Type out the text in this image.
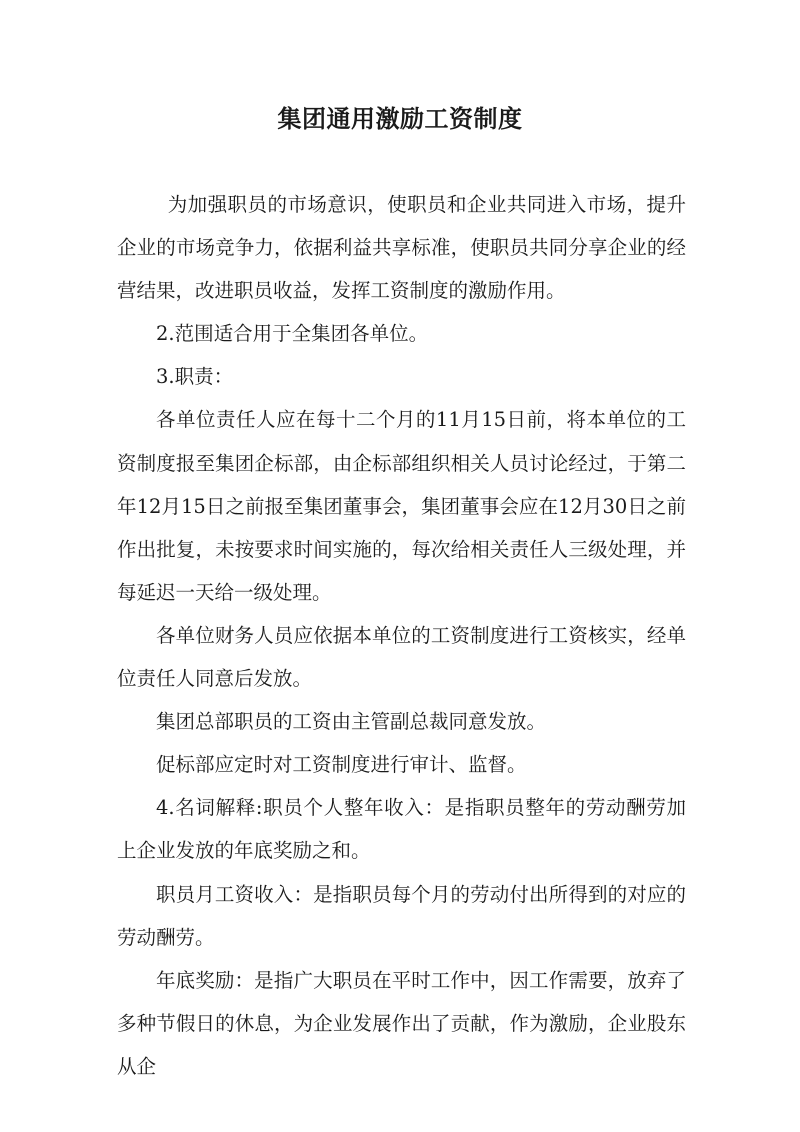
集团通用激励工资制度

为加强职员的市场意识，使职员和企业共同进入市场，提升企业的市场竞争力，依据利益共享标准，使职员共同分享企业的经营结果，改进职员收益，发挥工资制度的激励作用。

2.范围适合用于全集团各单位。

3.职责：

各单位责任人应在每十二个月的11月15日前，将本单位的工资制度报至集团企标部，由企标部组织相关人员讨论经过，于第二年12月15日之前报至集团董事会，集团董事会应在12月30日之前作出批复，未按要求时间实施的，每次给相关责任人三级处理，并每延迟一天给一级处理。

各单位财务人员应依据本单位的工资制度进行工资核实，经单位责任人同意后发放。

集团总部职员的工资由主管副总裁同意发放。

促标部应定时对工资制度进行审计、监督。

4.名词解释:职员个人整年收入：是指职员整年的劳动酬劳加上企业发放的年底奖励之和。

职员月工资收入：是指职员每个月的劳动付出所得到的对应的劳动酬劳。

年底奖励：是指广大职员在平时工作中，因工作需要，放弃了多种节假日的休息，为企业发展作出了贡献，作为激励，企业股东从企
